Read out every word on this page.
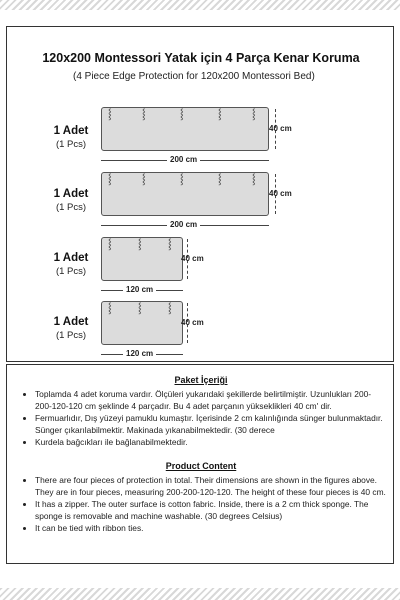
120x200 Montessori Yatak için 4 Parça Kenar Koruma
(4 Piece Edge Protection for 120x200 Montessori Bed)
1 Adet
(1 Pcs)
⸾	⸾	⸾	⸾	⸾
40 cm
200 cm
1 Adet
(1 Pcs)
⸾	⸾	⸾	⸾	⸾
40 cm
200 cm
1 Adet
(1 Pcs)
⸾	⸾	⸾
40 cm
120 cm
1 Adet
(1 Pcs)
⸾	⸾	⸾
40 cm
120 cm
Paket İçeriği
• Toplamda 4 adet koruma vardır. Ölçüleri yukarıdaki şekillerde belirtilmiştir. Uzunlukları 200-200-120-120 cm şeklinde 4 parçadır. Bu 4 adet parçanın yükseklikleri 40 cm' dir.
• Fermuarlıdır, Dış yüzeyi pamuklu kumaştır. İçerisinde 2 cm kalınlığında sünger bulunmaktadır. Sünger çıkarılabilmektir. Makinada yıkanabilmektedir. (30 derece
• Kurdela bağcıkları ile bağlanabilmektedir.
Product Content
• There are four pieces of protection in total. Their dimensions are shown in the figures above. They are in four pieces, measuring 200-200-120-120. The height of these four pieces is 40 cm.
• It has a zipper. The outer surface is cotton fabric. Inside, there is a 2 cm thick sponge. The sponge is removable and machine washable. (30 degrees Celsius)
• It can be tied with ribbon ties.
